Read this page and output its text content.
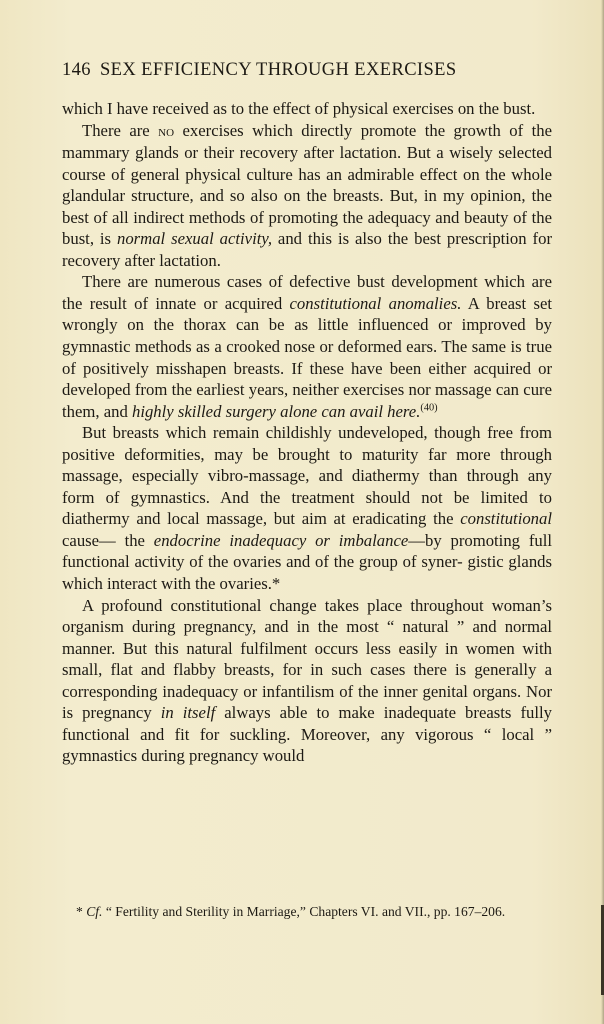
146 SEX EFFICIENCY THROUGH EXERCISES

which I have received as to the effect of physical exercises on the bust.

There are no exercises which directly promote the growth of the mammary glands or their recovery after lactation. But a wisely selected course of general physical culture has an admirable effect on the whole glandular structure, and so also on the breasts. But, in my opinion, the best of all indirect methods of promoting the adequacy and beauty of the bust, is normal sexual activity, and this is also the best prescription for recovery after lactation.

There are numerous cases of defective bust development which are the result of innate or acquired constitutional anomalies. A breast set wrongly on the thorax can be as little influenced or improved by gymnastic methods as a crooked nose or deformed ears. The same is true of positively misshapen breasts. If these have been either acquired or developed from the earliest years, neither exercises nor massage can cure them, and highly skilled surgery alone can avail here.$^{(40)}$

But breasts which remain childishly undeveloped, though free from positive deformities, may be brought to maturity far more through massage, especially vibro-massage, and diathermy than through any form of gymnastics. And the treatment should not be limited to diathermy and local massage, but aim at eradicating the constitutional cause— the endocrine inadequacy or imbalance—by promoting full functional activity of the ovaries and of the group of syner- gistic glands which interact with the ovaries.*

A profound constitutional change takes place throughout woman’s organism during pregnancy, and in the most “ natural ” and normal manner. But this natural fulfilment occurs less easily in women with small, flat and flabby breasts, for in such cases there is generally a corresponding inadequacy or infantilism of the inner genital organs. Nor is pregnancy in itself always able to make inadequate breasts fully functional and fit for suckling. Moreover, any vigorous “ local ” gymnastics during pregnancy would

* Cf. “ Fertility and Sterility in Marriage,” Chapters VI. and VII., pp. 167–206.
